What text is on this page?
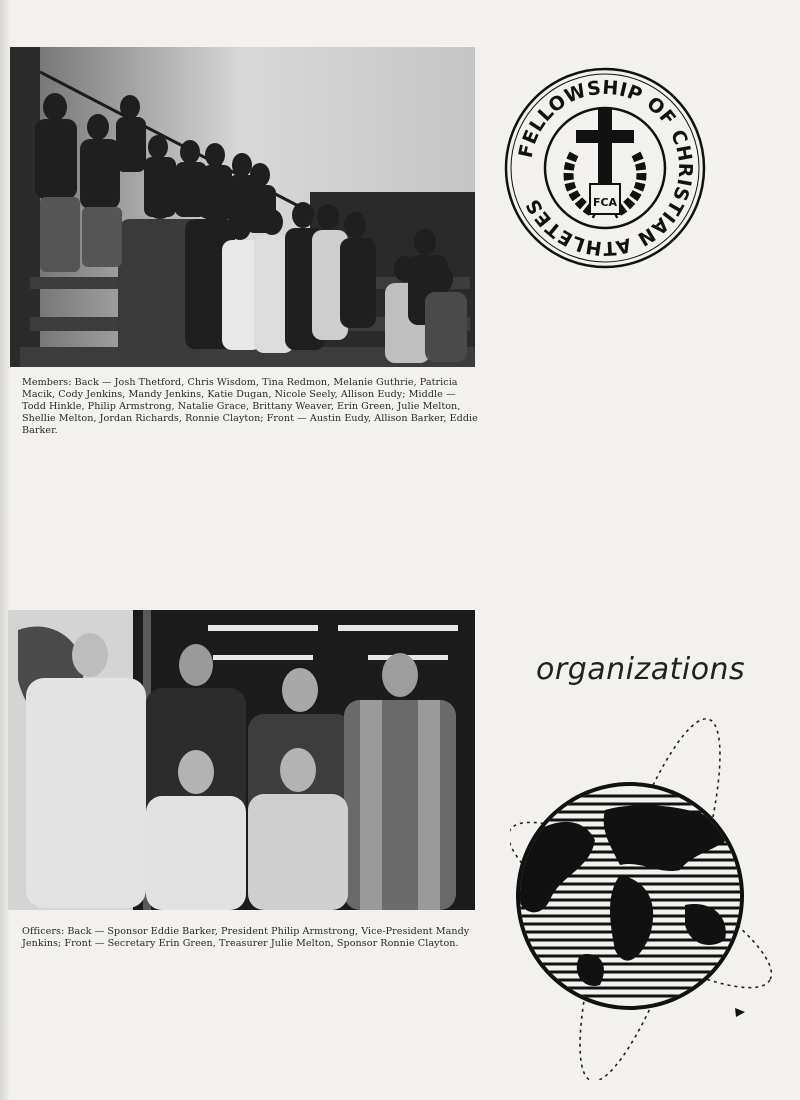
Members: Back — Josh Thetford, Chris Wisdom, Tina Redmon, Melanie Guthrie, Patricia Macik, Cody Jenkins, Mandy Jenkins, Katie Dugan, Nicole Seely, Allison Eudy; Middle — Todd Hinkle, Philip Armstrong, Natalie Grace, Brittany Weaver, Erin Green, Julie Melton, Shellie Melton, Jordan Richards, Ronnie Clayton; Front — Austin Eudy, Allison Barker, Eddie Barker.
FELLOWSHIP OF CHRISTIAN ATHLETES	FCA
Officers: Back — Sponsor Eddie Barker, President Philip Armstrong, Vice-President Mandy Jenkins; Front — Secretary Erin Green, Treasurer Julie Melton, Sponsor Ronnie Clayton.
organizations
